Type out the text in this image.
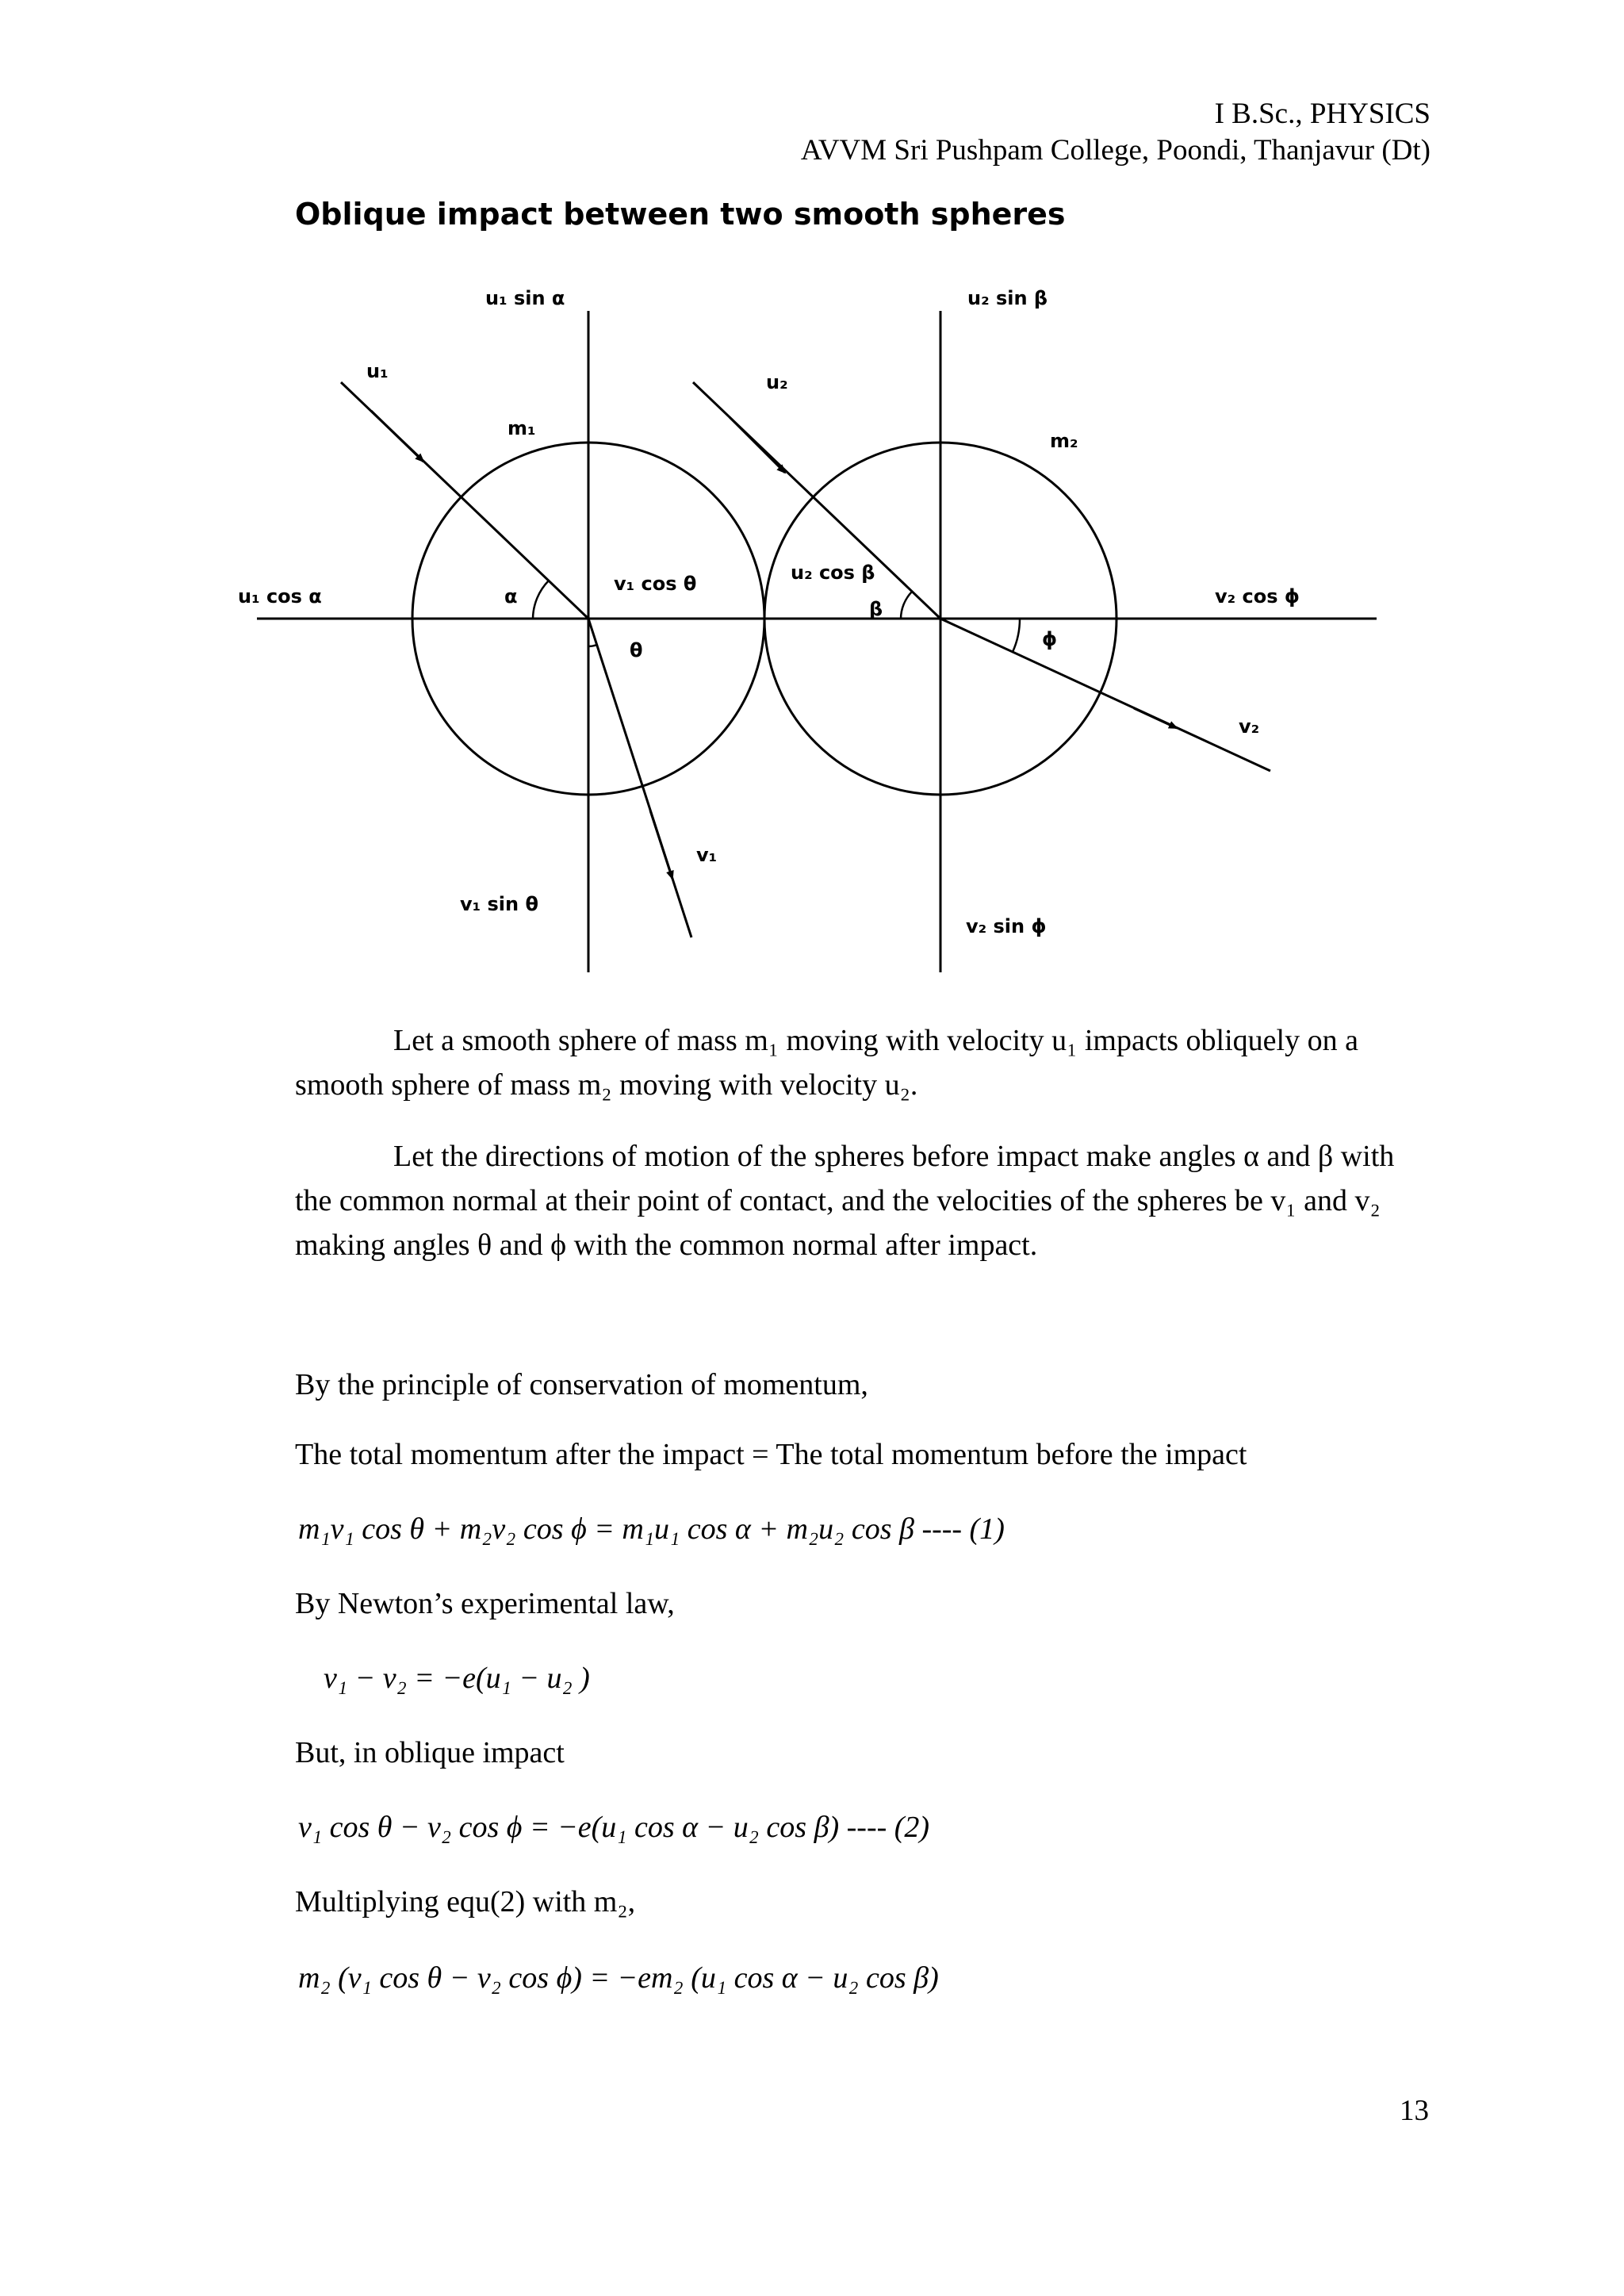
I B.Sc., PHYSICS
AVVM Sri Pushpam College, Poondi, Thanjavur (Dt)
Oblique impact between two smooth spheres
u₁ sin α	u₂ sin β
u₁	u₂
m₁
m₂
u₁ cos α	α
v₁ cos θ	u₂ cos β
β
v₂ cos ϕ
θ	ϕ
v₂
v₁
v₁ sin θ
v₂ sin ϕ
Let a smooth sphere of mass m₁ moving with velocity u₁ impacts obliquely on a smooth sphere of mass m₂ moving with velocity u₂.
Let the directions of motion of the spheres before impact make angles α and β with the common normal at their point of contact, and the velocities of the spheres be v₁ and v₂ making angles θ and ϕ with the common normal after impact.
By the principle of conservation of momentum,
The total momentum after the impact = The total momentum before the impact
m₁v₁ cos θ + m₂v₂ cos ϕ = m₁u₁ cos α + m₂u₂ cos β ---- (1)
By Newton’s experimental law,
v₁ − v₂ = −e(u₁ − u₂ )
But, in oblique impact
v₁ cos θ − v₂ cos ϕ = −e(u₁ cos α − u₂ cos β) ---- (2)
Multiplying equ(2) with m₂,
m₂ (v₁ cos θ − v₂ cos ϕ) = −em₂ (u₁ cos α − u₂ cos β)
13
